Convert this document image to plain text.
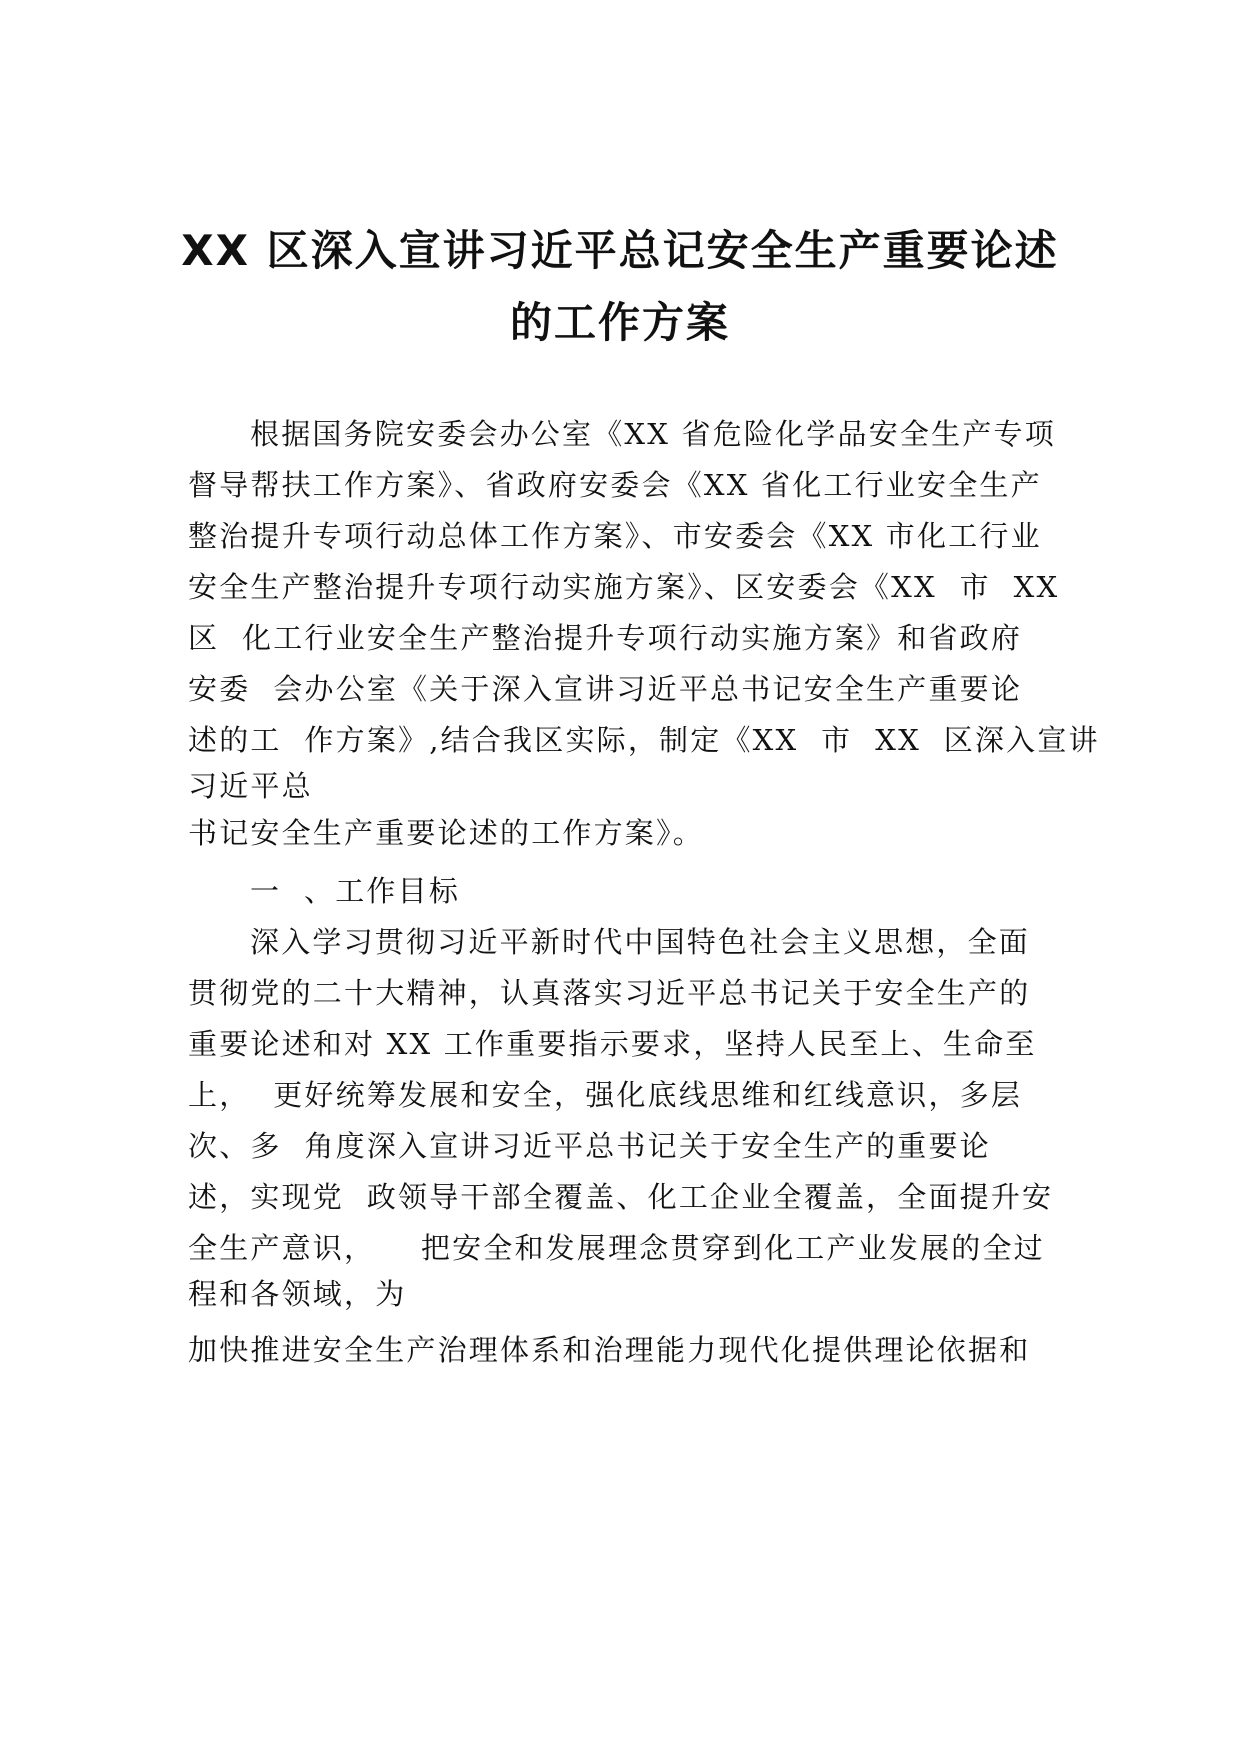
XX 区深入宣讲习近平总记安全生产重要论述
的工作方案
根据国务院安委会办公室《XX 省危险化学品安全生产专项
督导帮扶工作方案》、省政府安委会《XX 省化工行业安全生产
整治提升专项行动总体工作方案》、市安委会《XX 市化工行业
安全生产整治提升专项行动实施方案》、区安委会《XX  市  XX
区  化工行业安全生产整治提升专项行动实施方案》和省政府
安委  会办公室《关于深入宣讲习近平总书记安全生产重要论
述的工  作方案》,结合我区实际，制定《XX  市  XX  区深入宣讲
习近平总
书记安全生产重要论述的工作方案》。
一  、工作目标
深入学习贯彻习近平新时代中国特色社会主义思想，全面
贯彻党的二十大精神，认真落实习近平总书记关于安全生产的
重要论述和对 XX 工作重要指示要求，坚持人民至上、生命至
上，  更好统筹发展和安全，强化底线思维和红线意识，多层
次、多  角度深入宣讲习近平总书记关于安全生产的重要论
述，实现党  政领导干部全覆盖、化工企业全覆盖，全面提升安
全生产意识，    把安全和发展理念贯穿到化工产业发展的全过
程和各领域，为
加快推进安全生产治理体系和治理能力现代化提供理论依据和
